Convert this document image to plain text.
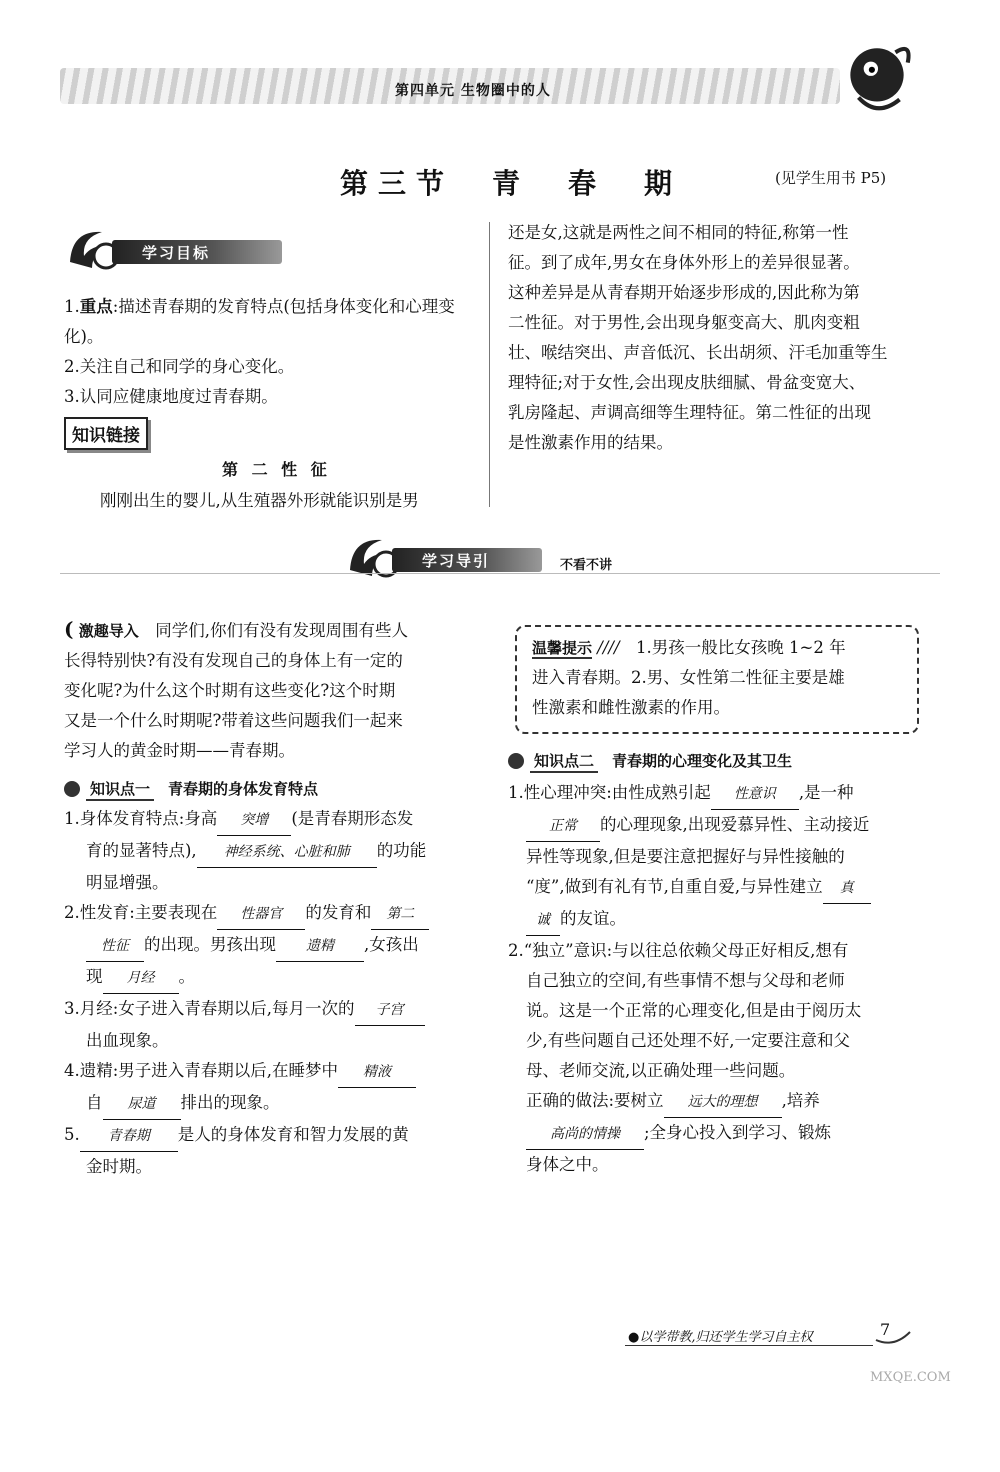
第四单元 生物圈中的人
第三节　青　春　期	(见学生用书 P5)
学习目标
1.重点:描述青春期的发育特点(包括身体变化和心理变化)。
2.关注自己和同学的身心变化。
3.认同应健康地度过青春期。
知识链接
第 二 性 征
刚刚出生的婴儿,从生殖器外形就能识别是男
还是女,这就是两性之间不相同的特征,称第一性
征。到了成年,男女在身体外形上的差异很显著。
这种差异是从青春期开始逐步形成的,因此称为第
二性征。对于男性,会出现身躯变高大、肌肉变粗
壮、喉结突出、声音低沉、长出胡须、汗毛加重等生
理特征;对于女性,会出现皮肤细腻、骨盆变宽大、
乳房隆起、声调高细等生理特征。第二性征的出现
是性激素作用的结果。
学习导引	不看不讲
( 激趣导入　 同学们,你们有没有发现周围有些人
长得特别快?有没有发现自己的身体上有一定的
变化呢?为什么这个时期有这些变化?这个时期
又是一个什么时期呢?带着这些问题我们一起来
学习人的黄金时期——青春期。
知识点一 青春期的身体发育特点
1.身体发育特点:身高 突增 (是青春期形态发
育的显著特点), 神经系统、心脏和肺 的功能
明显增强。
2.性发育:主要表现在 性器官 的发育和 第二
性征 的出现。男孩出现 遗精 ,女孩出
现 月经 。
3.月经:女子进入青春期以后,每月一次的 子宫
出血现象。
4.遗精:男子进入青春期以后,在睡梦中 精液
自 尿道 排出的现象。
5. 青春期 是人的身体发育和智力发展的黄
金时期。
温馨提示 ////　 1.男孩一般比女孩晚 1~2 年
进入青春期。2.男、女性第二性征主要是雄
性激素和雌性激素的作用。
知识点二 青春期的心理变化及其卫生
1.性心理冲突:由性成熟引起 性意识 ,是一种
正常 的心理现象,出现爱慕异性、主动接近
异性等现象,但是要注意把握好与异性接触的
“度”,做到有礼有节,自重自爱,与异性建立 真
诚 的友谊。
2.“独立”意识:与以往总依赖父母正好相反,想有
自己独立的空间,有些事情不想与父母和老师
说。这是一个正常的心理变化,但是由于阅历太
少,有些问题自己还处理不好,一定要注意和父
母、老师交流,以正确处理一些问题。
正确的做法:要树立 远大的理想 ,培养
高尚的情操 ;全身心投入到学习、锻炼
身体之中。
●以学带教,归还学生学习自主权	7
MXQE.COM
